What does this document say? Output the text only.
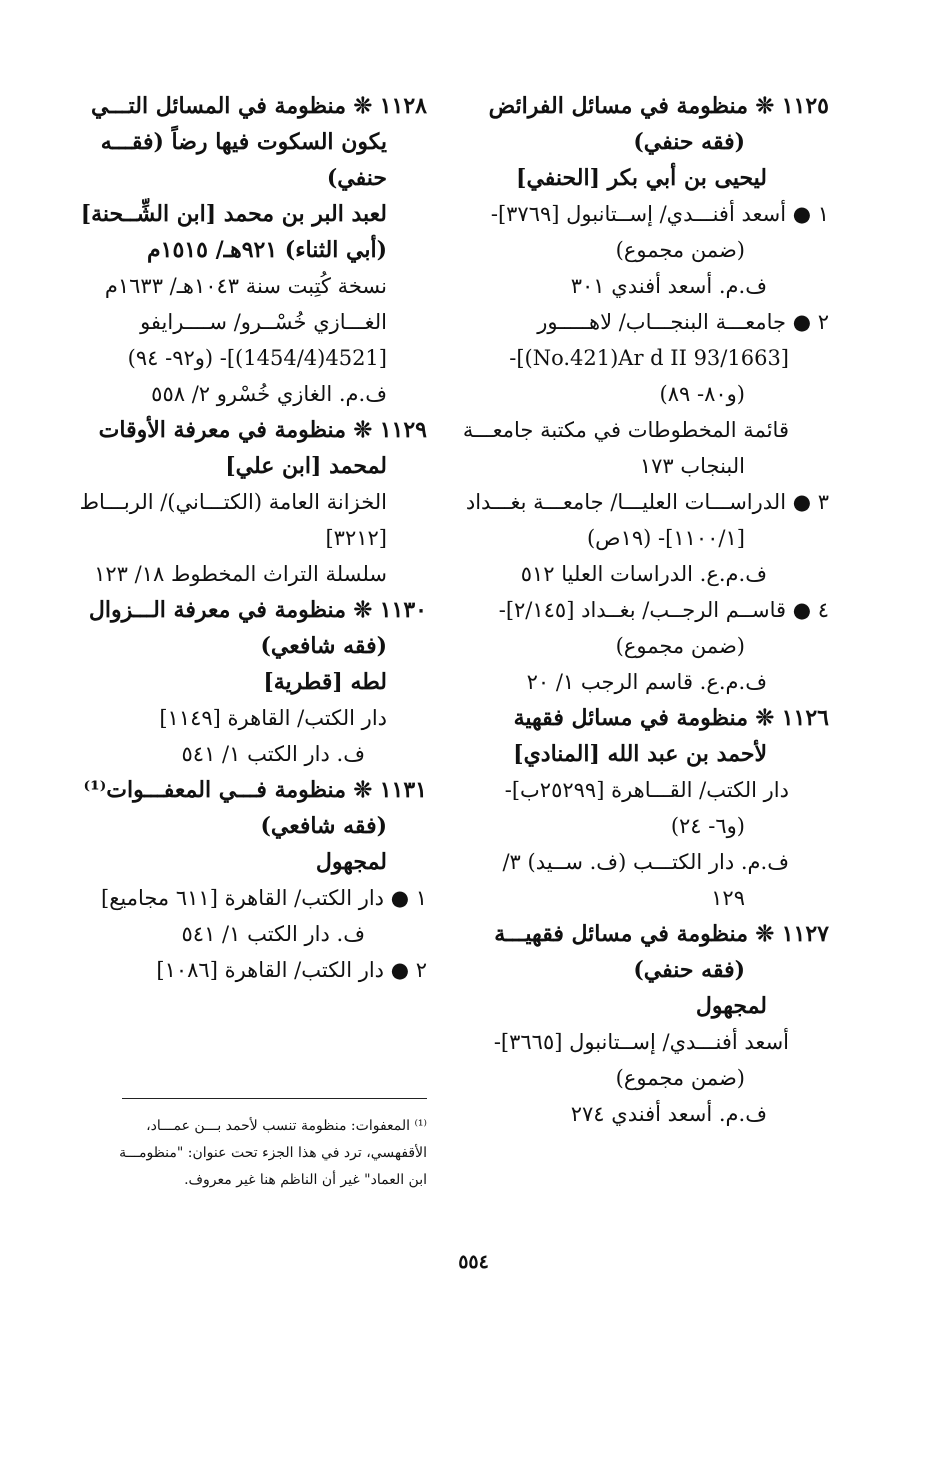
١١٢٥ ❊ منظومة في مسائل الفرائض
(فقه حنفي)
ليحيى بن أبي بكر [الحنفي]
١ ● أسعد أفنـــدي/ إســتانبول [٣٧٦٩]-
(ضمن مجموع)
ف.م. أسعد أفندي ٣٠١
٢ ● جامعـــة البنجـــاب/ لاهـــــور
-[(No.421)Ar d II 93/1663]
(و٨٠- ٨٩)
قائمة المخطوطات في مكتبة جامعـــة
البنجاب ١٧٣
٣ ● الدراســـات العليـــا/ جامعـــة بغـــداد
[١١٠٠/١]- (١٩ص)
ف.م.ع. الدراسات العليا ٥١٢
٤ ● قاســم الرجــب/ بغــداد [٢/١٤٥]-
(ضمن مجموع)
ف.م.ع. قاسم الرجب ١/ ٢٠
١١٢٦ ❊ منظومة في مسائل فقهية
لأحمد بن عبد الله [المنادي]
دار الكتب/ القـــاهرة [٢٥٢٩٩ب]-
(و٦- ٢٤)
ف.م. دار الكتـــب (ف. ســيد) ٣/
١٢٩
١١٢٧ ❊ منظومة في مسائل فقهيـــة
(فقه حنفي)
لمجهول
أسعد أفنـــدي/ إســتانبول [٣٦٦٥]-
(ضمن مجموع)
ف.م. أسعد أفندي ٢٧٤
١١٢٨ ❊ منظومة في المسائل التـــي
يكون السكوت فيها رضاً (فقـــه
حنفي)
لعبد البر بن محمد [ابن الشِّــحنة]
(أبي الثناء) ٩٢١هـ/ ١٥١٥م
نسخة كُتِبت سنة ١٠٤٣هـ/ ١٦٣٣م
الغـــازي خُسْــرو/ ســــرايفو
[4521(1454/4)]- (و٩٢- ٩٤)
ف.م. الغازي خُسْرو ٢/ ٥٥٨
١١٢٩ ❊ منظومة في معرفة الأوقات
لمحمد [ابن علي]
الخزانة العامة (الكتـــاني)/ الربـــاط
[٣٢١٢]
سلسلة التراث المخطوط ١٨/ ١٢٣
١١٣٠ ❊ منظومة في معرفة الـــزوال
(فقه شافعي)
لطه [قطرية]
دار الكتب/ القاهرة [١١٤٩]
ف. دار الكتب ١/ ٥٤١
١١٣١ ❊ منظومة فـــي المعفـــوات⁽¹⁾
(فقه شافعي)
لمجهول
١ ● دار الكتب/ القاهرة [٦١١ مجاميع]
ف. دار الكتب ١/ ٥٤١
٢ ● دار الكتب/ القاهرة [١٠٨٦]
⁽¹⁾ المعفوات: منظومة تنسب لأحمد بـــن عمـــاد،
الأقفهسي، ترد في هذا الجزء تحت عنوان: "منظومـــة
ابن العماد" غير أن الناظم هنا غير معروف.
٥٥٤
